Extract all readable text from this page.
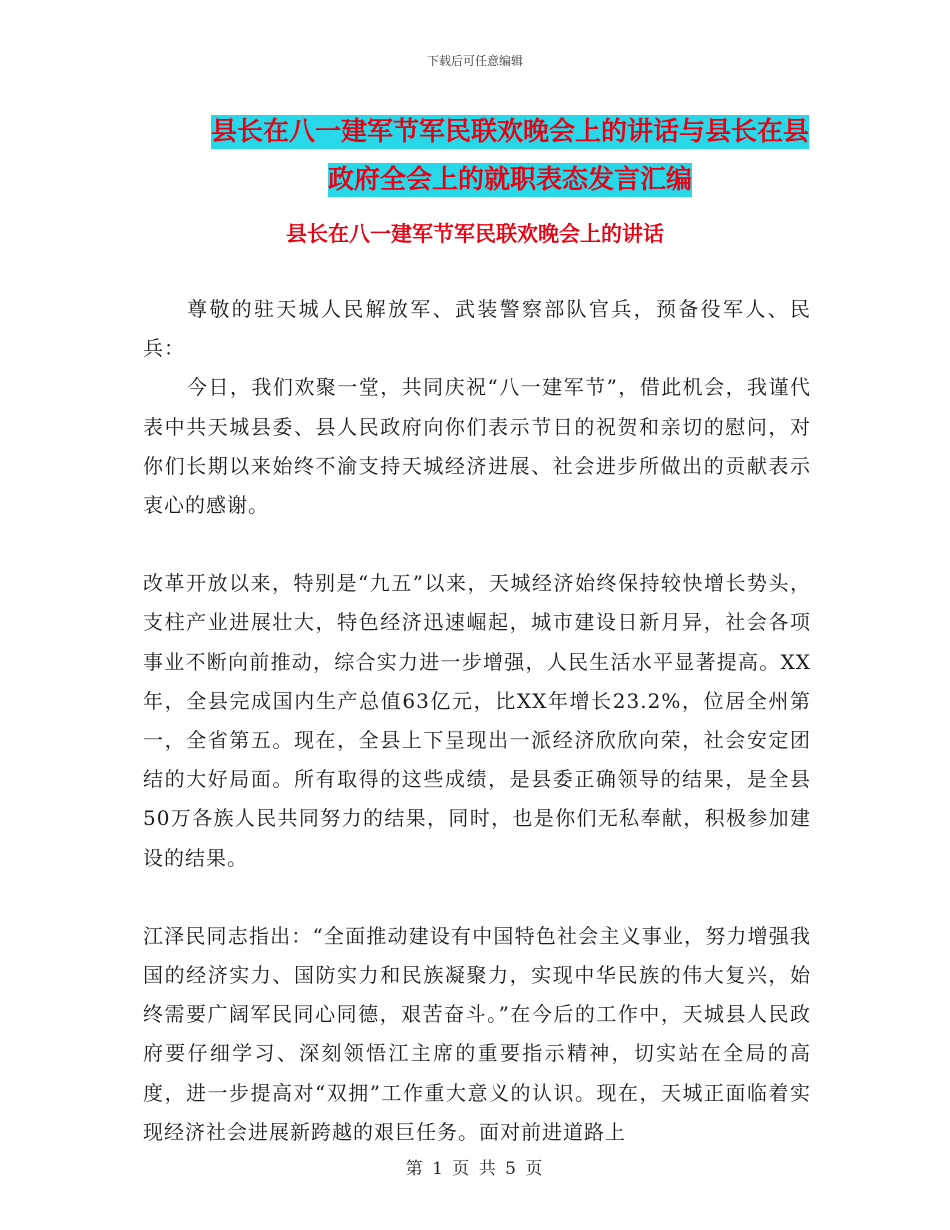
下载后可任意编辑
县长在八一建军节军民联欢晚会上的讲话与县长在县
政府全会上的就职表态发言汇编
县长在八一建军节军民联欢晚会上的讲话

尊敬的驻天城人民解放军、武装警察部队官兵，预备役军人、民兵：

今日，我们欢聚一堂，共同庆祝“八一建军节”，借此机会，我谨代表中共天城县委、县人民政府向你们表示节日的祝贺和亲切的慰问，对你们长期以来始终不渝支持天城经济进展、社会进步所做出的贡献表示衷心的感谢。

改革开放以来，特别是“九五”以来，天城经济始终保持较快增长势头，支柱产业进展壮大，特色经济迅速崛起，城市建设日新月异，社会各项事业不断向前推动，综合实力进一步增强，人民生活水平显著提高。XX年，全县完成国内生产总值63亿元，比XX年增长23.2%，位居全州第一，全省第五。现在，全县上下呈现出一派经济欣欣向荣，社会安定团结的大好局面。所有取得的这些成绩，是县委正确领导的结果，是全县50万各族人民共同努力的结果，同时，也是你们无私奉献，积极参加建设的结果。

江泽民同志指出：“全面推动建设有中国特色社会主义事业，努力增强我国的经济实力、国防实力和民族凝聚力，实现中华民族的伟大复兴，始终需要广阔军民同心同德，艰苦奋斗。”在今后的工作中，天城县人民政府要仔细学习、深刻领悟江主席的重要指示精神，切实站在全局的高度，进一步提高对“双拥”工作重大意义的认识。现在，天城正面临着实现经济社会进展新跨越的艰巨任务。面对前进道路上

第 1 页 共 5 页
